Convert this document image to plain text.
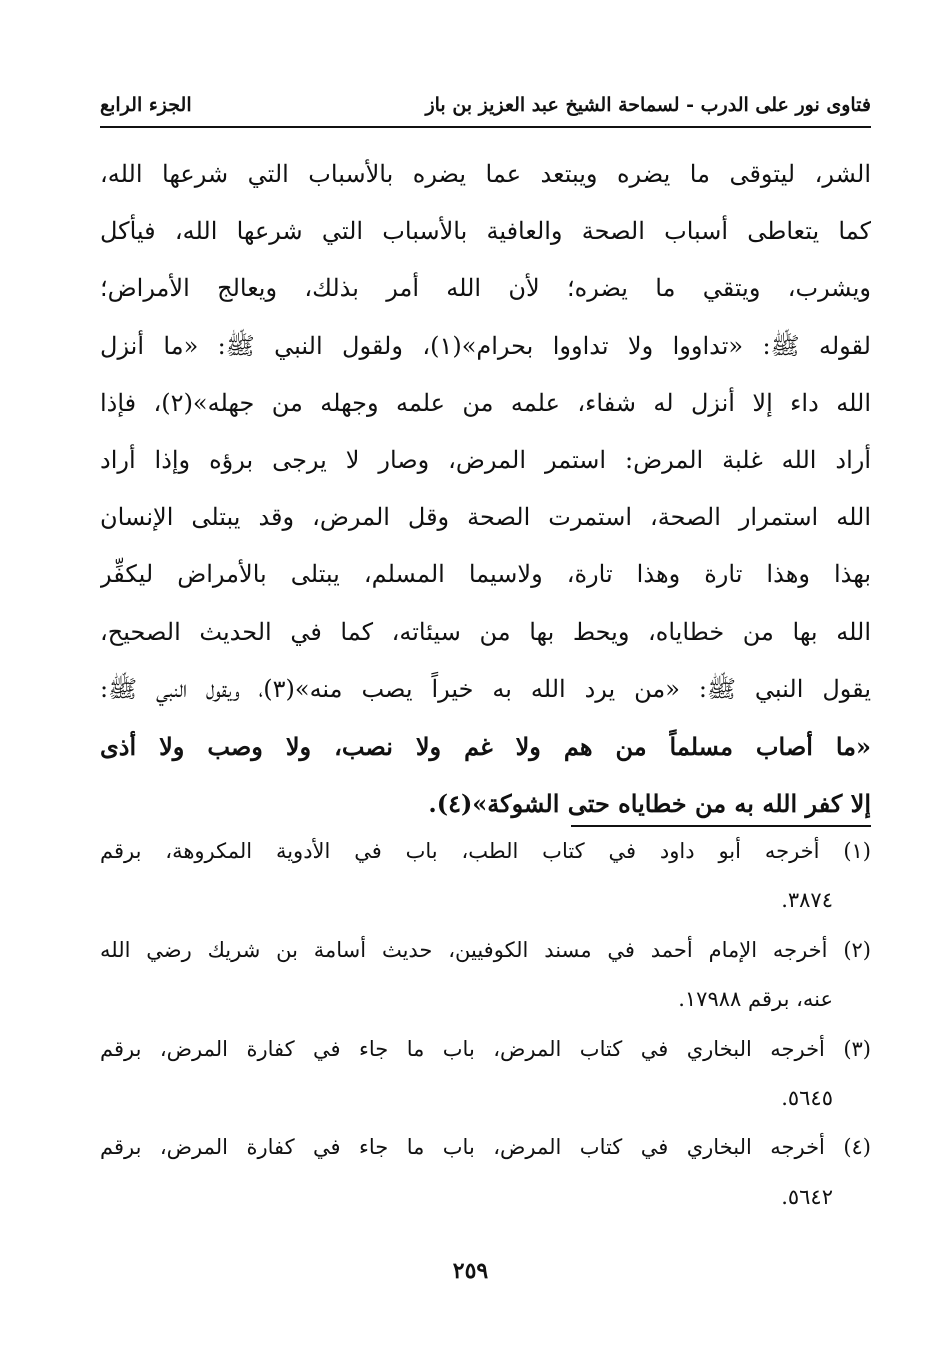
فتاوى نور على الدرب - لسماحة الشيخ عبد العزيز بن باز
الجزء الرابع
الشر، ليتوقى ما يضره ويبتعد عما يضره بالأسباب التي شرعها الله،
كما يتعاطى أسباب الصحة والعافية بالأسباب التي شرعها الله، فيأكل
ويشرب، ويتقي ما يضره؛ لأن الله أمر بذلك، ويعالج الأمراض؛
لقوله ﷺ: «تداووا ولا تداووا بحرام»(١)، ولقول النبي ﷺ: «ما أنزل
الله داء إلا أنزل له شفاء، علمه من علمه وجهله من جهله»(٢)، فإذا
أراد الله غلبة المرض: استمر المرض، وصار لا يرجى برؤه وإذا أراد
الله استمرار الصحة، استمرت الصحة وقل المرض، وقد يبتلى الإنسان
بهذا وهذا تارة وهذا تارة، ولاسيما المسلم، يبتلى بالأمراض ليكفِّر
الله بها من خطاياه، ويحط بها من سيئاته، كما في الحديث الصحيح،
يقول النبي ﷺ: «من يرد الله به خيراً يصب منه»(٣)، ويقول النبي ﷺ:
«ما أصاب مسلماً من هم ولا غم ولا نصب، ولا وصب ولا أذى
إلا كفر الله به من خطاياه حتى الشوكة»(٤).
(١) أخرجه أبو داود في كتاب الطب، باب في الأدوية المكروهة، برقم
٣٨٧٤.
(٢) أخرجه الإمام أحمد في مسند الكوفيين، حديث أسامة بن شريك رضي الله
عنه، برقم ١٧٩٨٨.
(٣) أخرجه البخاري في كتاب المرض، باب ما جاء في كفارة المرض، برقم
٥٦٤٥.
(٤) أخرجه البخاري في كتاب المرض، باب ما جاء في كفارة المرض، برقم
٥٦٤٢.
٢٥٩
